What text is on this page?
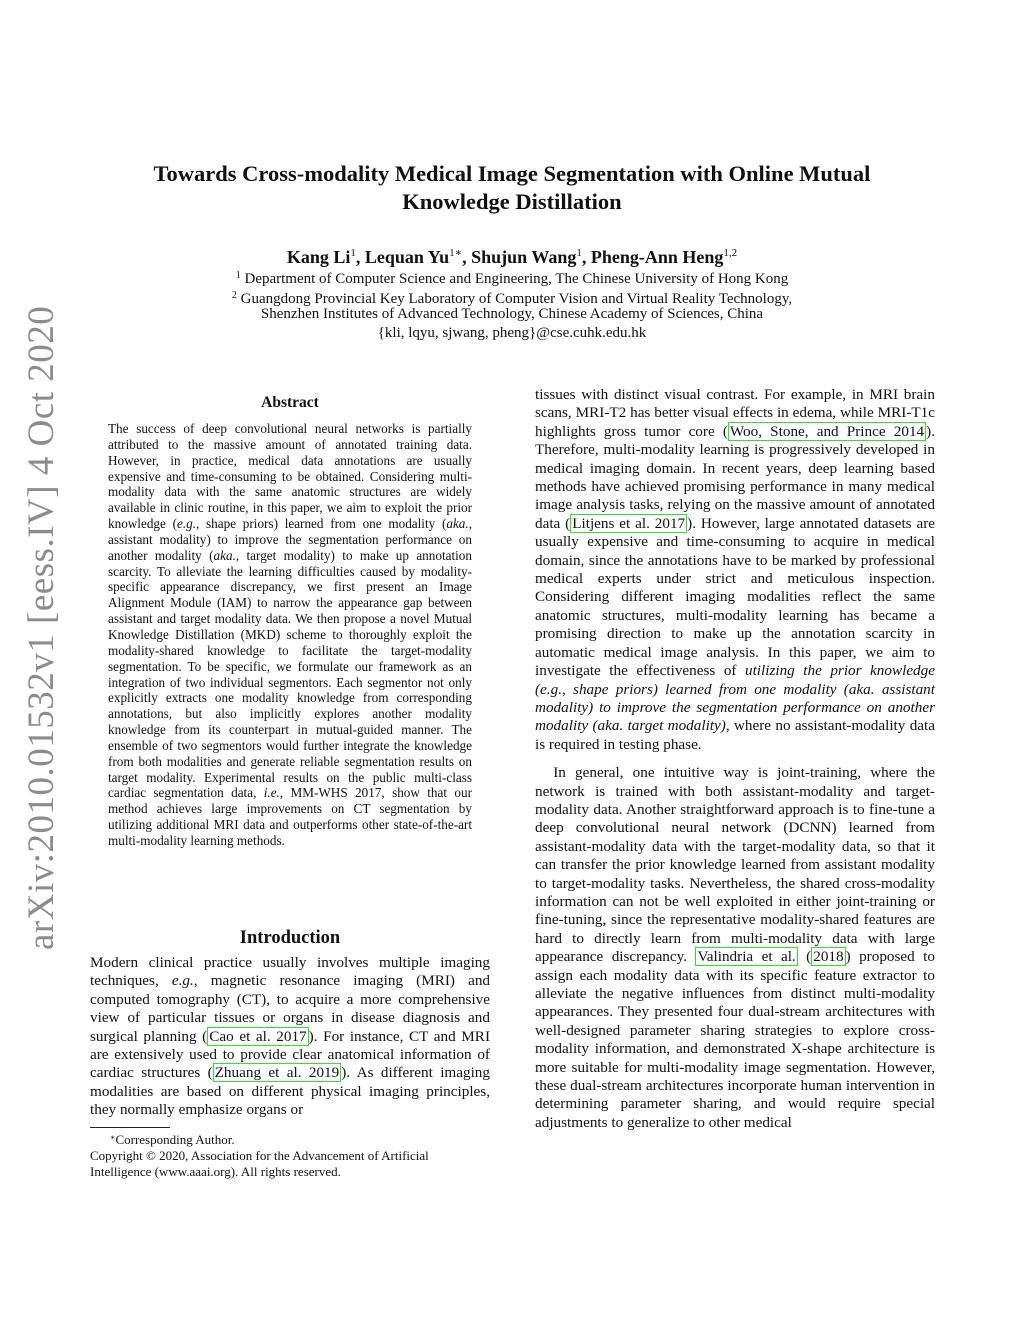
arXiv:2010.01532v1 [eess.IV] 4 Oct 2020
Towards Cross-modality Medical Image Segmentation with Online Mutual
Knowledge Distillation
Kang Li$^1$, Lequan $Yu^{1∗}$, Shujun Wang$^1$, Pheng-Ann Heng$^{1,2}$
$^1$ Department of Computer Science and Engineering, The Chinese University of Hong Kong
$^2$ Guangdong Provincial Key Laboratory of Computer Vision and Virtual Reality Technology,
Shenzhen Institutes of Advanced Technology, Chinese Academy of Sciences, China
{kli, lqyu, sjwang, pheng}@cse.cuhk.edu.hk
Abstract
The success of deep convolutional neural networks is partially attributed to the massive amount of annotated training data. However, in practice, medical data annotations are usually expensive and time-consuming to be obtained. Considering multi-modality data with the same anatomic structures are widely available in clinic routine, in this paper, we aim to exploit the prior knowledge (e.g., shape priors) learned from one modality (aka., assistant modality) to improve the segmentation performance on another modality (aka., target modality) to make up annotation scarcity. To alleviate the learning difficulties caused by modality-specific appearance discrepancy, we first present an Image Alignment Module (IAM) to narrow the appearance gap between assistant and target modality data. We then propose a novel Mutual Knowledge Distillation (MKD) scheme to thoroughly exploit the modality-shared knowledge to facilitate the target-modality segmentation. To be specific, we formulate our framework as an integration of two individual segmentors. Each segmentor not only explicitly extracts one modality knowledge from corresponding annotations, but also implicitly explores another modality knowledge from its counterpart in mutual-guided manner. The ensemble of two segmentors would further integrate the knowledge from both modalities and generate reliable segmentation results on target modality. Experimental results on the public multi-class cardiac segmentation data, i.e., MM-WHS 2017, show that our method achieves large improvements on CT segmentation by utilizing additional MRI data and outperforms other state-of-the-art multi-modality learning methods.
Introduction

Modern clinical practice usually involves multiple imaging techniques, e.g., magnetic resonance imaging (MRI) and computed tomography (CT), to acquire a more comprehensive view of particular tissues or organs in disease diagnosis and surgical planning ( Cao et al. 2017 ). For instance, CT and MRI are extensively used to provide clear anatomical information of cardiac structures ( Zhuang et al. 2019 ). As different imaging modalities are based on different physical imaging principles, they normally emphasize organs or

tissues with distinct visual contrast. For example, in MRI brain scans, MRI-T2 has better visual effects in edema, while MRI-T1c highlights gross tumor core ( Woo, Stone, and Prince 2014 ). Therefore, multi-modality learning is progressively developed in medical imaging domain. In recent years, deep learning based methods have achieved promising performance in many medical image analysis tasks, relying on the massive amount of annotated data ( Litjens et al. 2017 ). However, large annotated datasets are usually expensive and time-consuming to acquire in medical domain, since the annotations have to be marked by professional medical experts under strict and meticulous inspection. Considering different imaging modalities reflect the same anatomic structures, multi-modality learning has became a promising direction to make up the annotation scarcity in automatic medical image analysis. In this paper, we aim to investigate the effectiveness of utilizing the prior knowledge (e.g., shape priors) learned from one modality (aka. assistant modality) to improve the segmentation performance on another modality (aka. target modality), where no assistant-modality data is required in testing phase.

In general, one intuitive way is joint-training, where the network is trained with both assistant-modality and target-modality data. Another straightforward approach is to fine-tune a deep convolutional neural network (DCNN) learned from assistant-modality data with the target-modality data, so that it can transfer the prior knowledge learned from assistant modality to target-modality tasks. Nevertheless, the shared cross-modality information can not be well exploited in either joint-training or fine-tuning, since the representative modality-shared features are hard to directly learn from multi-modality data with large appearance discrepancy. Valindria et al. ( 2018 ) proposed to assign each modality data with its specific feature extractor to alleviate the negative influences from distinct multi-modality appearances. They presented four dual-stream architectures with well-designed parameter sharing strategies to explore cross-modality information, and demonstrated X-shape architecture is more suitable for multi-modality image segmentation. However, these dual-stream architectures incorporate human intervention in determining parameter sharing, and would require special adjustments to generalize to other medical

∗Corresponding Author.
Copyright © 2020, Association for the Advancement of Artificial Intelligence (www.aaai.org). All rights reserved.
